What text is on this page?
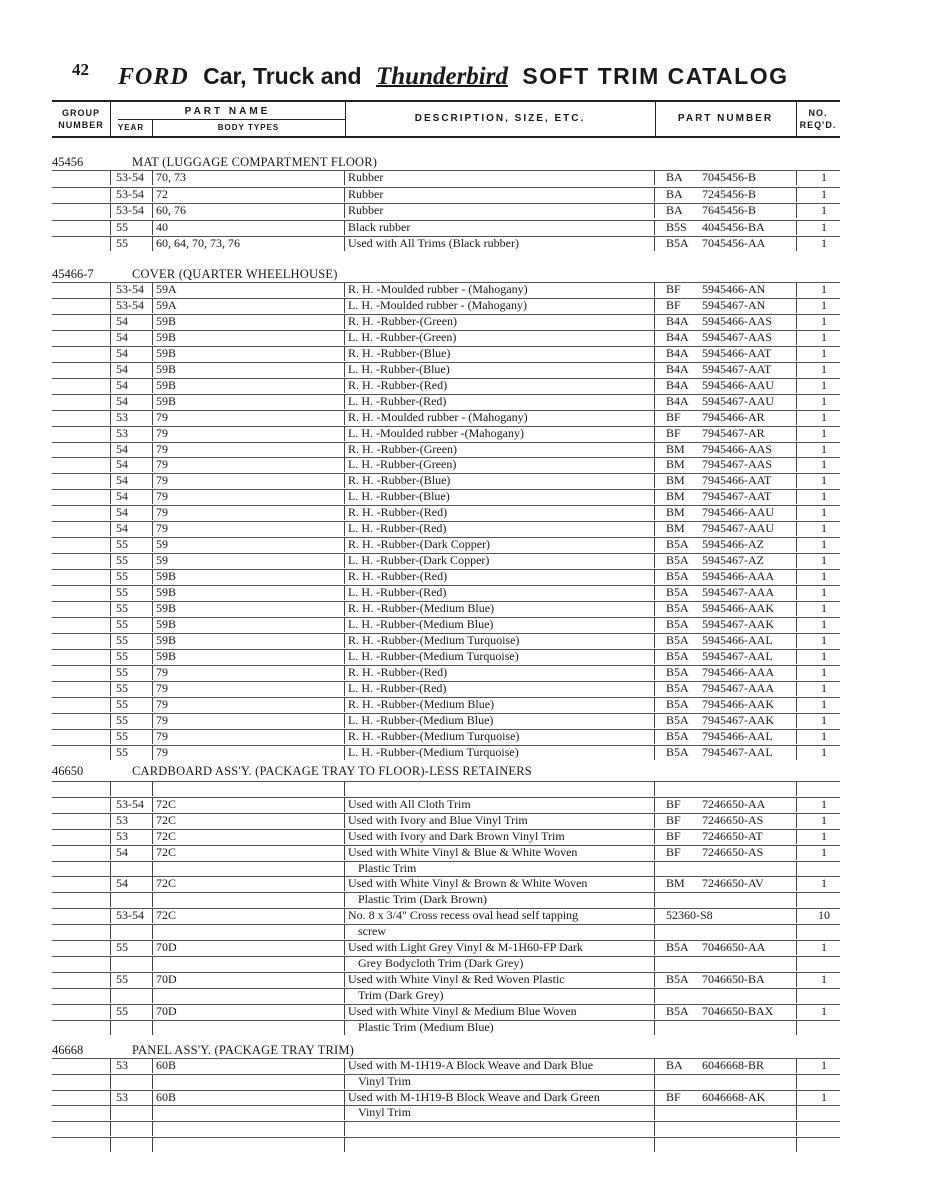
42 FORD Car, Truck and Thunderbird SOFT TRIM CATALOG
GROUP
NUMBER
PART NAME
YEAR	BODY TYPES
DESCRIPTION, SIZE, ETC.	PART NUMBER	NO.
REQ'D.
45456	MAT (LUGGAGE COMPARTMENT FLOOR)
53-54 70, 73	Rubber	BA 7045456-B	1
53-54 72	Rubber	BA 7245456-B	1
53-54 60, 76	Rubber	BA 7645456-B	1
55 40	Black rubber	B5S 4045456-BA	1
55 60, 64, 70, 73, 76	Used with All Trims (Black rubber)	B5A 7045456-AA	1
45466-7	COVER (QUARTER WHEELHOUSE)
53-54 59A	R. H. -Moulded rubber - (Mahogany)	BF 5945466-AN	1
53-54 59A	L. H. -Moulded rubber - (Mahogany)	BF 5945467-AN	1
54 59B	R. H. -Rubber-(Green)	B4A 5945466-AAS	1
54 59B	L. H. -Rubber-(Green)	B4A 5945467-AAS	1
54 59B	R. H. -Rubber-(Blue)	B4A 5945466-AAT	1
54 59B	L. H. -Rubber-(Blue)	B4A 5945467-AAT	1
54 59B	R. H. -Rubber-(Red)	B4A 5945466-AAU	1
54 59B	L. H. -Rubber-(Red)	B4A 5945467-AAU	1
53 79	R. H. -Moulded rubber - (Mahogany)	BF 7945466-AR	1
53 79	L. H. -Moulded rubber -(Mahogany)	BF 7945467-AR	1
54 79	R. H. -Rubber-(Green)	BM 7945466-AAS	1
54 79	L. H. -Rubber-(Green)	BM 7945467-AAS	1
54 79	R. H. -Rubber-(Blue)	BM 7945466-AAT	1
54 79	L. H. -Rubber-(Blue)	BM 7945467-AAT	1
54 79	R. H. -Rubber-(Red)	BM 7945466-AAU	1
54 79	L. H. -Rubber-(Red)	BM 7945467-AAU	1
55 59	R. H. -Rubber-(Dark Copper)	B5A 5945466-AZ	1
55 59	L. H. -Rubber-(Dark Copper)	B5A 5945467-AZ	1
55 59B	R. H. -Rubber-(Red)	B5A 5945466-AAA	1
55 59B	L. H. -Rubber-(Red)	B5A 5945467-AAA	1
55 59B	R. H. -Rubber-(Medium Blue)	B5A 5945466-AAK	1
55 59B	L. H. -Rubber-(Medium Blue)	B5A 5945467-AAK	1
55 59B	R. H. -Rubber-(Medium Turquoise)	B5A 5945466-AAL	1
55 59B	L. H. -Rubber-(Medium Turquoise)	B5A 5945467-AAL	1
55 79	R. H. -Rubber-(Red)	B5A 7945466-AAA	1
55 79	L. H. -Rubber-(Red)	B5A 7945467-AAA	1
55 79	R. H. -Rubber-(Medium Blue)	B5A 7945466-AAK	1
55 79	L. H. -Rubber-(Medium Blue)	B5A 7945467-AAK	1
55 79	R. H. -Rubber-(Medium Turquoise)	B5A 7945466-AAL	1
55 79	L. H. -Rubber-(Medium Turquoise)	B5A 7945467-AAL	1
46650	CARDBOARD ASS'Y. (PACKAGE TRAY TO FLOOR)-LESS RETAINERS
53-54 72C	Used with All Cloth Trim	BF 7246650-AA	1
53 72C	Used with Ivory and Blue Vinyl Trim	BF 7246650-AS	1
53 72C	Used with Ivory and Dark Brown Vinyl Trim	BF 7246650-AT	1
54 72C	Used with White Vinyl & Blue & White Woven	BF 7246650-AS	1
Plastic Trim
54 72C	Used with White Vinyl & Brown & White Woven	BM 7246650-AV	1
Plastic Trim (Dark Brown)
53-54 72C	No. 8 x 3/4" Cross recess oval head self tapping	52360-S8	10
screw
55 70D	Used with Light Grey Vinyl & M-1H60-FP Dark	B5A 7046650-AA	1
Grey Bodycloth Trim (Dark Grey)
55 70D	Used with White Vinyl & Red Woven Plastic	B5A 7046650-BA	1
Trim (Dark Grey)
55 70D	Used with White Vinyl & Medium Blue Woven	B5A 7046650-BAX	1
Plastic Trim (Medium Blue)
46668	PANEL ASS'Y. (PACKAGE TRAY TRIM)
53 60B	Used with M-1H19-A Block Weave and Dark Blue	BA 6046668-BR	1
Vinyl Trim
53 60B	Used with M-1H19-B Block Weave and Dark Green	BF 6046668-AK	1
Vinyl Trim
